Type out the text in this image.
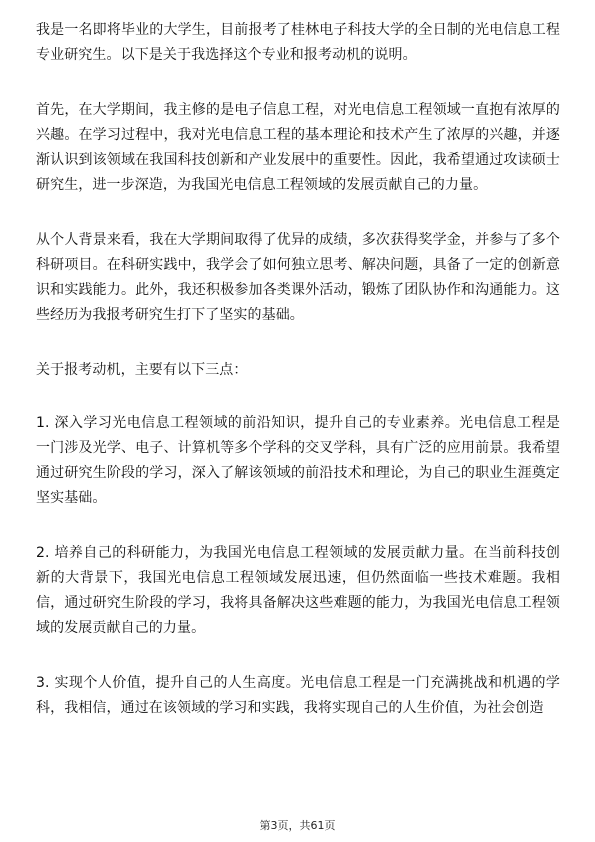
我是一名即将毕业的大学生，目前报考了桂林电子科技大学的全日制的光电信息工程专业研究生。以下是关于我选择这个专业和报考动机的说明。

首先，在大学期间，我主修的是电子信息工程，对光电信息工程领域一直抱有浓厚的兴趣。在学习过程中，我对光电信息工程的基本理论和技术产生了浓厚的兴趣，并逐渐认识到该领域在我国科技创新和产业发展中的重要性。因此，我希望通过攻读硕士研究生，进一步深造，为我国光电信息工程领域的发展贡献自己的力量。

从个人背景来看，我在大学期间取得了优异的成绩，多次获得奖学金，并参与了多个科研项目。在科研实践中，我学会了如何独立思考、解决问题，具备了一定的创新意识和实践能力。此外，我还积极参加各类课外活动，锻炼了团队协作和沟通能力。这些经历为我报考研究生打下了坚实的基础。

关于报考动机，主要有以下三点：

1. 深入学习光电信息工程领域的前沿知识，提升自己的专业素养。光电信息工程是一门涉及光学、电子、计算机等多个学科的交叉学科，具有广泛的应用前景。我希望通过研究生阶段的学习，深入了解该领域的前沿技术和理论，为自己的职业生涯奠定坚实基础。

2. 培养自己的科研能力，为我国光电信息工程领域的发展贡献力量。在当前科技创新的大背景下，我国光电信息工程领域发展迅速，但仍然面临一些技术难题。我相信，通过研究生阶段的学习，我将具备解决这些难题的能力，为我国光电信息工程领域的发展贡献自己的力量。

3. 实现个人价值，提升自己的人生高度。光电信息工程是一门充满挑战和机遇的学科，我相信，通过在该领域的学习和实践，我将实现自己的人生价值，为社会创造

第3页，共61页
